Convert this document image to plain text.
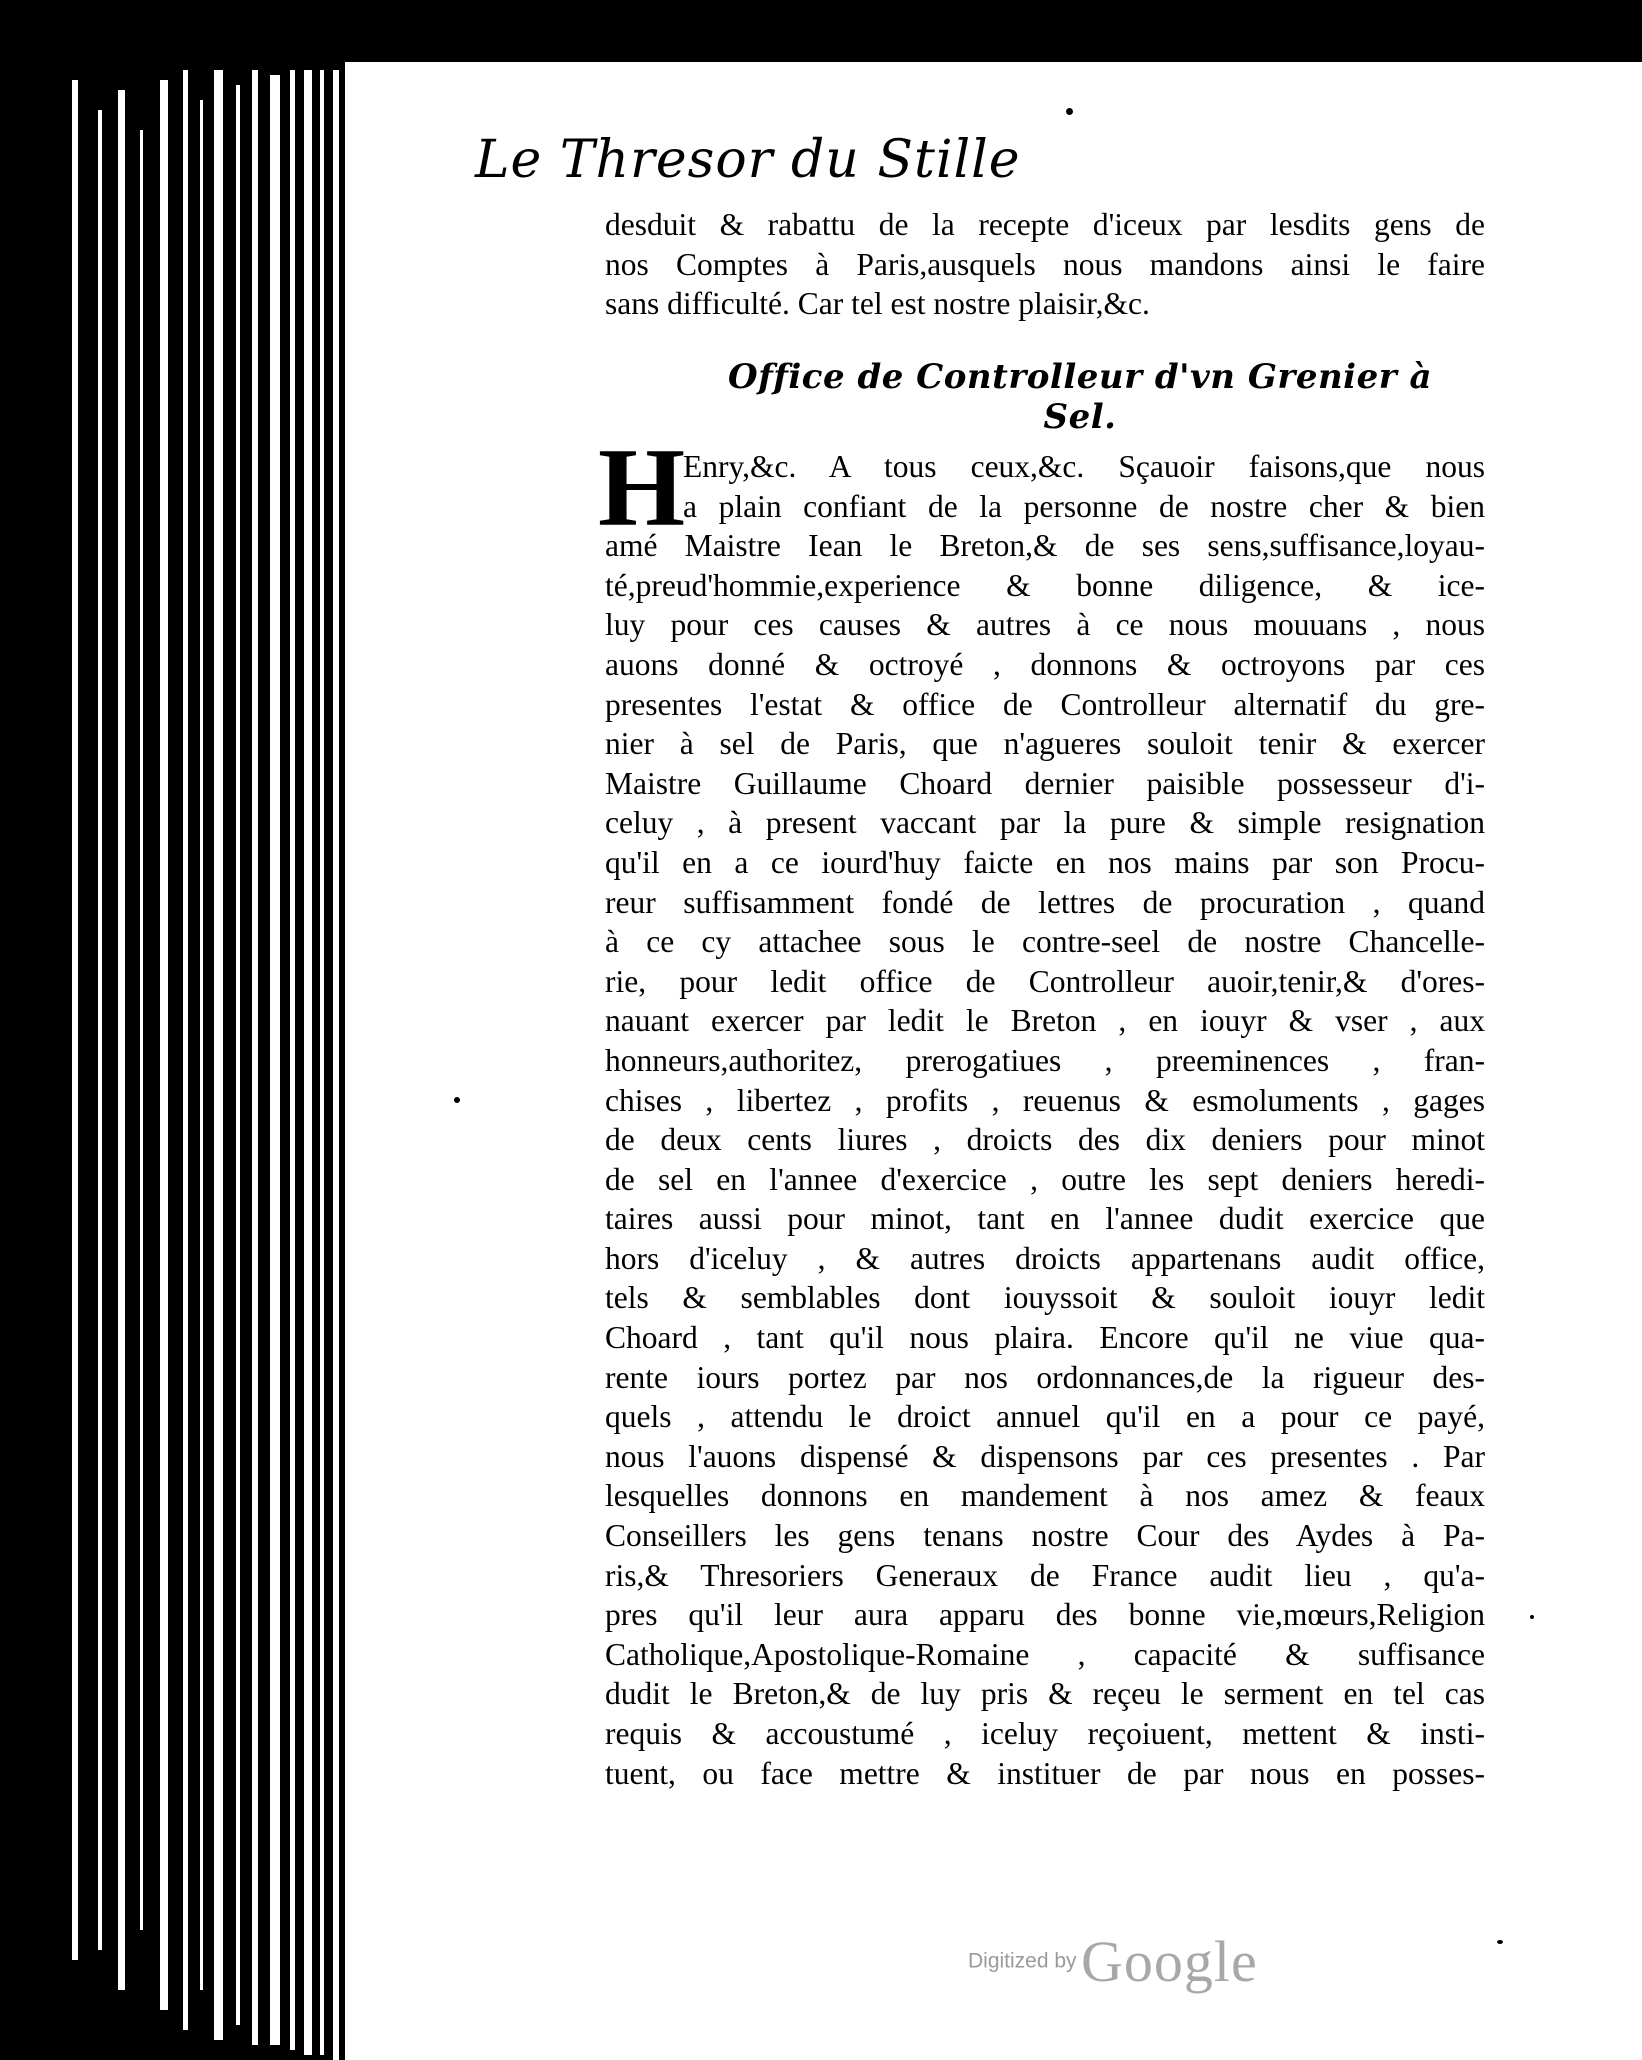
Le Thresor du Stille
desduit & rabattu de la recepte d'iceux par lesdits gens de
nos Comptes à Paris,ausquels nous mandons ainsi le faire
sans difficulté. Car tel est nostre plaisir,&c.
Office de Controlleur d'vn Grenier à Sel.
H
Enry,&c. A tous ceux,&c. Sçauoir faisons,que nous
a plain confiant de la personne de nostre cher & bien
amé Maistre Iean le Breton,& de ses sens,suffisance,loyau-
té,preud'hommie,experience & bonne diligence, & ice-
luy pour ces causes & autres à ce nous mouuans , nous
auons donné & octroyé , donnons & octroyons par ces
presentes l'estat & office de Controlleur alternatif du gre-
nier à sel de Paris, que n'agueres souloit tenir & exercer
Maistre Guillaume Choard dernier paisible possesseur d'i-
celuy , à present vaccant par la pure & simple resignation
qu'il en a ce iourd'huy faicte en nos mains par son Procu-
reur suffisamment fondé de lettres de procuration , quand
à ce cy attachee sous le contre-seel de nostre Chancelle-
rie, pour ledit office de Controlleur auoir,tenir,& d'ores-
nauant exercer par ledit le Breton , en iouyr & vser , aux
honneurs,authoritez, prerogatiues , preeminences , fran-
chises , libertez , profits , reuenus & esmoluments , gages
de deux cents liures , droicts des dix deniers pour minot
de sel en l'annee d'exercice , outre les sept deniers heredi-
taires aussi pour minot, tant en l'annee dudit exercice que
hors d'iceluy , & autres droicts appartenans audit office,
tels & semblables dont iouyssoit & souloit iouyr ledit
Choard , tant qu'il nous plaira. Encore qu'il ne viue qua-
rente iours portez par nos ordonnances,de la rigueur des-
quels , attendu le droict annuel qu'il en a pour ce payé,
nous l'auons dispensé & dispensons par ces presentes . Par
lesquelles donnons en mandement à nos amez & feaux
Conseillers les gens tenans nostre Cour des Aydes à Pa-
ris,& Thresoriers Generaux de France audit lieu , qu'a-
pres qu'il leur aura apparu des bonne vie,mœurs,Religion
Catholique,Apostolique-Romaine , capacité & suffisance
dudit le Breton,& de luy pris & reçeu le serment en tel cas
requis & accoustumé , iceluy reçoiuent, mettent & insti-
tuent, ou face mettre & instituer de par nous en posses-
Digitized by Google
